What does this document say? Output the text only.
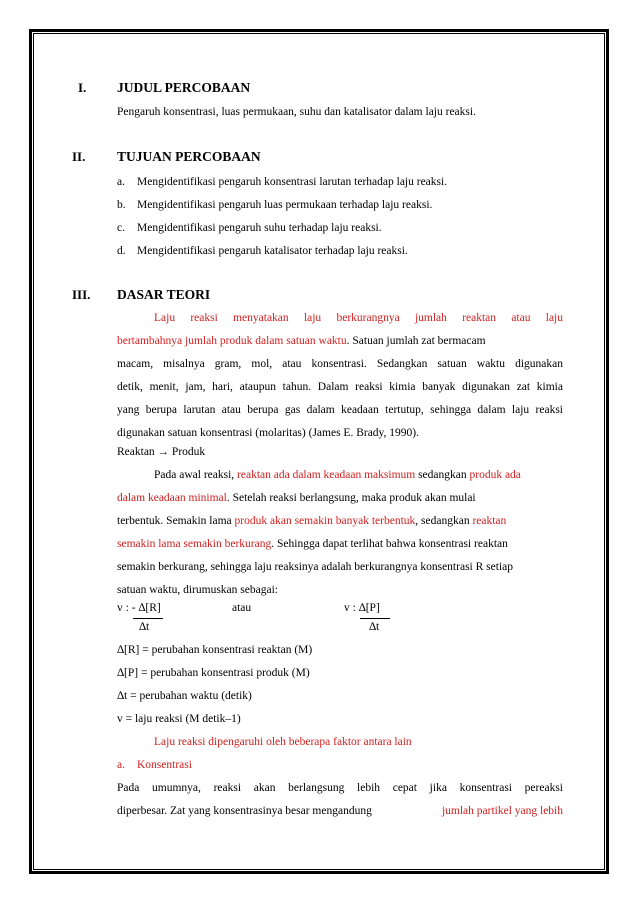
I. JUDUL PERCOBAAN
Pengaruh konsentrasi, luas permukaan, suhu dan katalisator dalam laju reaksi.
II. TUJUAN PERCOBAAN
a. Mengidentifikasi pengaruh konsentrasi larutan terhadap laju reaksi.
b. Mengidentifikasi pengaruh luas permukaan terhadap laju reaksi.
c. Mengidentifikasi pengaruh suhu terhadap laju reaksi.
d. Mengidentifikasi pengaruh katalisator terhadap laju reaksi.
III. DASAR TEORI
Laju reaksi menyatakan laju berkurangnya jumlah reaktan atau laju
bertambahnya jumlah produk dalam satuan waktu. Satuan jumlah zat bermacam
macam, misalnya gram, mol, atau konsentrasi. Sedangkan satuan waktu digunakan
detik, menit, jam, hari, ataupun tahun. Dalam reaksi kimia banyak digunakan zat kimia
yang berupa larutan atau berupa gas dalam keadaan tertutup, sehingga dalam laju reaksi
digunakan satuan konsentrasi (molaritas) (James E. Brady, 1990).
Reaktan → Produk
Pada awal reaksi, reaktan ada dalam keadaan maksimum sedangkan produk ada
dalam keadaan minimal. Setelah reaksi berlangsung, maka produk akan mulai
terbentuk. Semakin lama produk akan semakin banyak terbentuk, sedangkan reaktan
semakin lama semakin berkurang. Sehingga dapat terlihat bahwa konsentrasi reaktan
semakin berkurang, sehingga laju reaksinya adalah berkurangnya konsentrasi R setiap
satuan waktu, dirumuskan sebagai:
v : - ∆[R]
∆t
atau	v : ∆[P]
∆t
∆[R] = perubahan konsentrasi reaktan (M)
∆[P] = perubahan konsentrasi produk (M)
∆t = perubahan waktu (detik)
v = laju reaksi (M detik–1)
Laju reaksi dipengaruhi oleh beberapa faktor antara lain
a. Konsentrasi
Pada umumnya, reaksi akan berlangsung lebih cepat jika konsentrasi pereaksi
diperbesar. Zat yang konsentrasinya besar mengandung	jumlah partikel yang lebih
